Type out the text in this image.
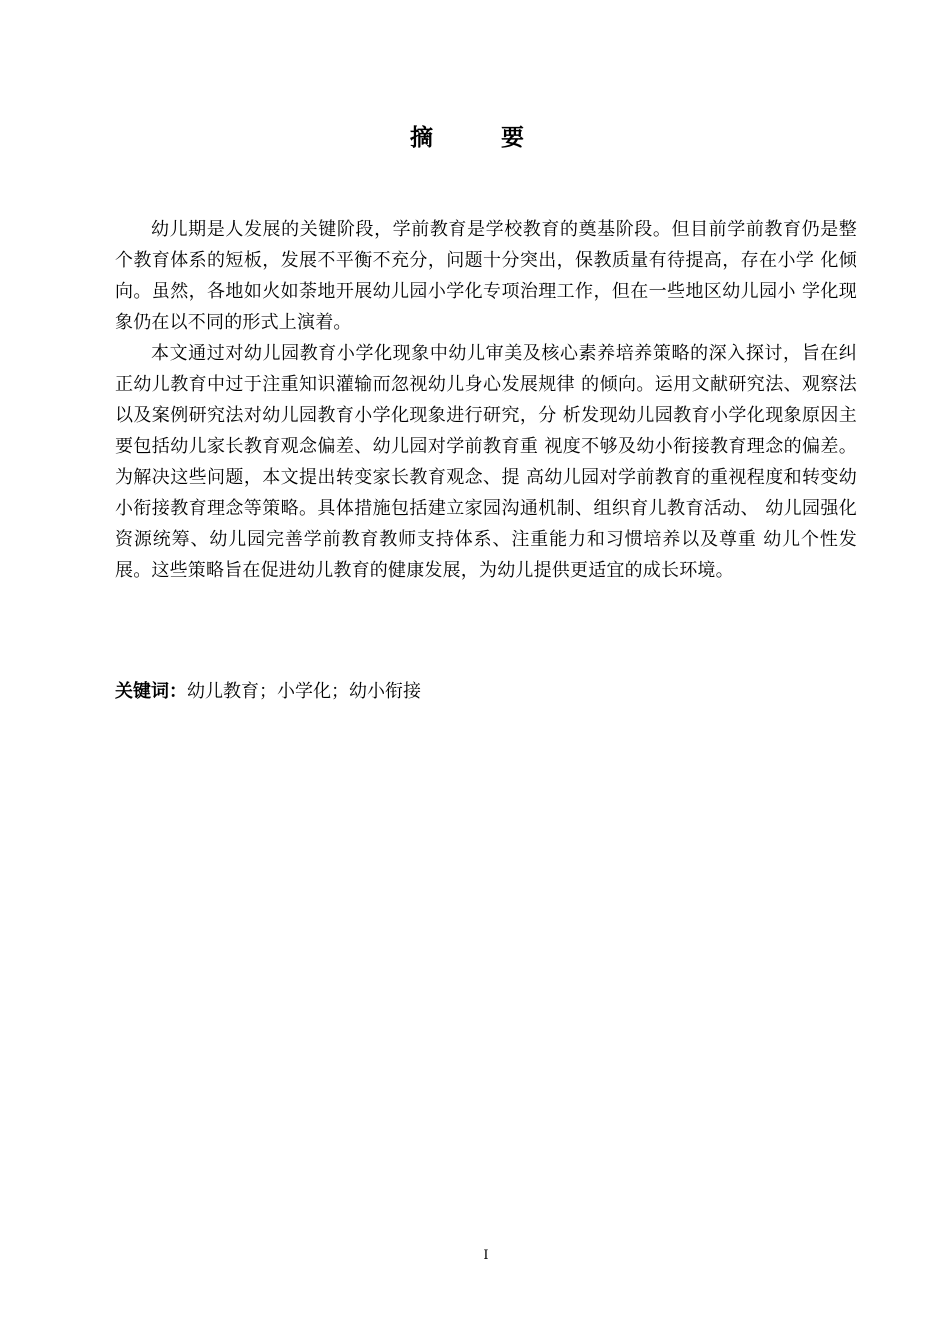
摘 要

幼儿期是人发展的关键阶段，学前教育是学校教育的奠基阶段。但目前学前教育仍是整个教育体系的短板，发展不平衡不充分，问题十分突出，保教质量有待提高，存在小学 化倾向。虽然，各地如火如荼地开展幼儿园小学化专项治理工作，但在一些地区幼儿园小 学化现象仍在以不同的形式上演着。

本文通过对幼儿园教育小学化现象中幼儿审美及核心素养培养策略的深入探讨，旨在纠正幼儿教育中过于注重知识灌输而忽视幼儿身心发展规律 的倾向。运用文献研究法、观察法以及案例研究法对幼儿园教育小学化现象进行研究，分 析发现幼儿园教育小学化现象原因主要包括幼儿家长教育观念偏差、幼儿园对学前教育重 视度不够及幼小衔接教育理念的偏差。为解决这些问题，本文提出转变家长教育观念、提 高幼儿园对学前教育的重视程度和转变幼小衔接教育理念等策略。具体措施包括建立家园沟通机制、组织育儿教育活动、 幼儿园强化资源统筹、幼儿园完善学前教育教师支持体系、注重能力和习惯培养以及尊重 幼儿个性发展。这些策略旨在促进幼儿教育的健康发展，为幼儿提供更适宜的成长环境。

关键词：幼儿教育；小学化；幼小衔接
I
